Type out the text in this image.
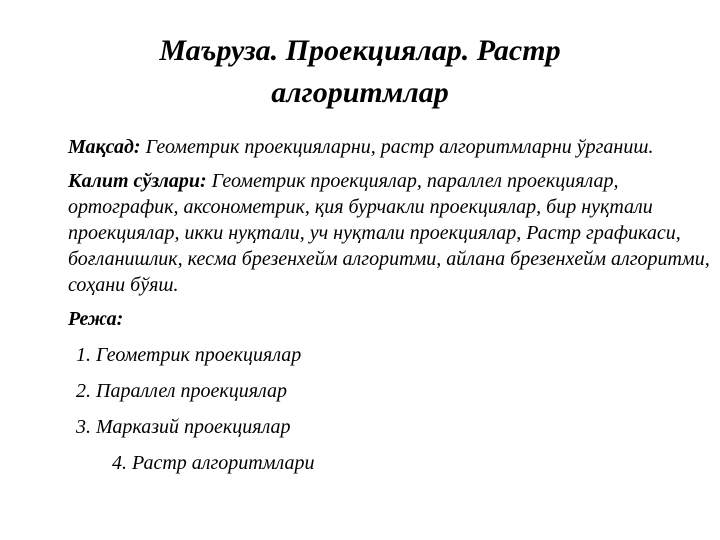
Маъруза. Проекциялар. Растр
алгоритмлар

Мақсад: Геометрик проекцияларни, растр алгоритмларни ўрганиш.

Калит сўзлари: Геометрик проекциялар, параллел проекциялар, ортографик, аксонометрик, қия бурчакли проекциялар, бир нуқтали проекциялар, икки нуқтали, уч нуқтали проекциялар, Растр графикаси, боғланишлик, кесма брезенхейм алгоритми, айлана брезенхейм алгоритми, соҳани бўяш.

Режа:

1. Геометрик проекциялар
2. Параллел проекциялар
3. Марказий проекциялар
4. Растр алгоритмлари
